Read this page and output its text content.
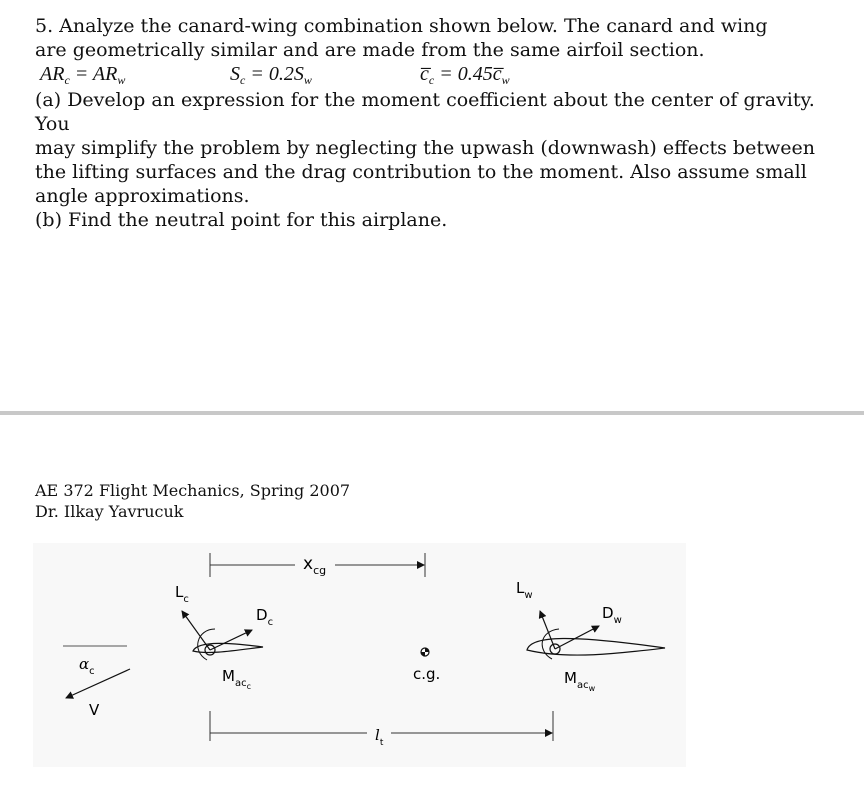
5. Analyze the canard-wing combination shown below. The canard and wing

are geometrically similar and are made from the same airfoil section.

$AR_c = AR_w$	$S_c = 0.2S_w$	$c̅_c$ = $0.45c̅_w$

(a) Develop an expression for the moment coefficient about the center of gravity. You

may simplify the problem by neglecting the upwash (downwash) effects between

the lifting surfaces and the drag contribution to the moment. Also assume small

angle approximations.

(b) Find the neutral point for this airplane.

AE 372 Flight Mechanics, Spring 2007
Dr. Ilkay Yavrucuk
$x_{cg}$
$\alpha_c$
V
$L_c$
$D_c$
$M_{acc}$
c.g.
$L_w$
$D_w$
$M_{acw}$
$l_t$
